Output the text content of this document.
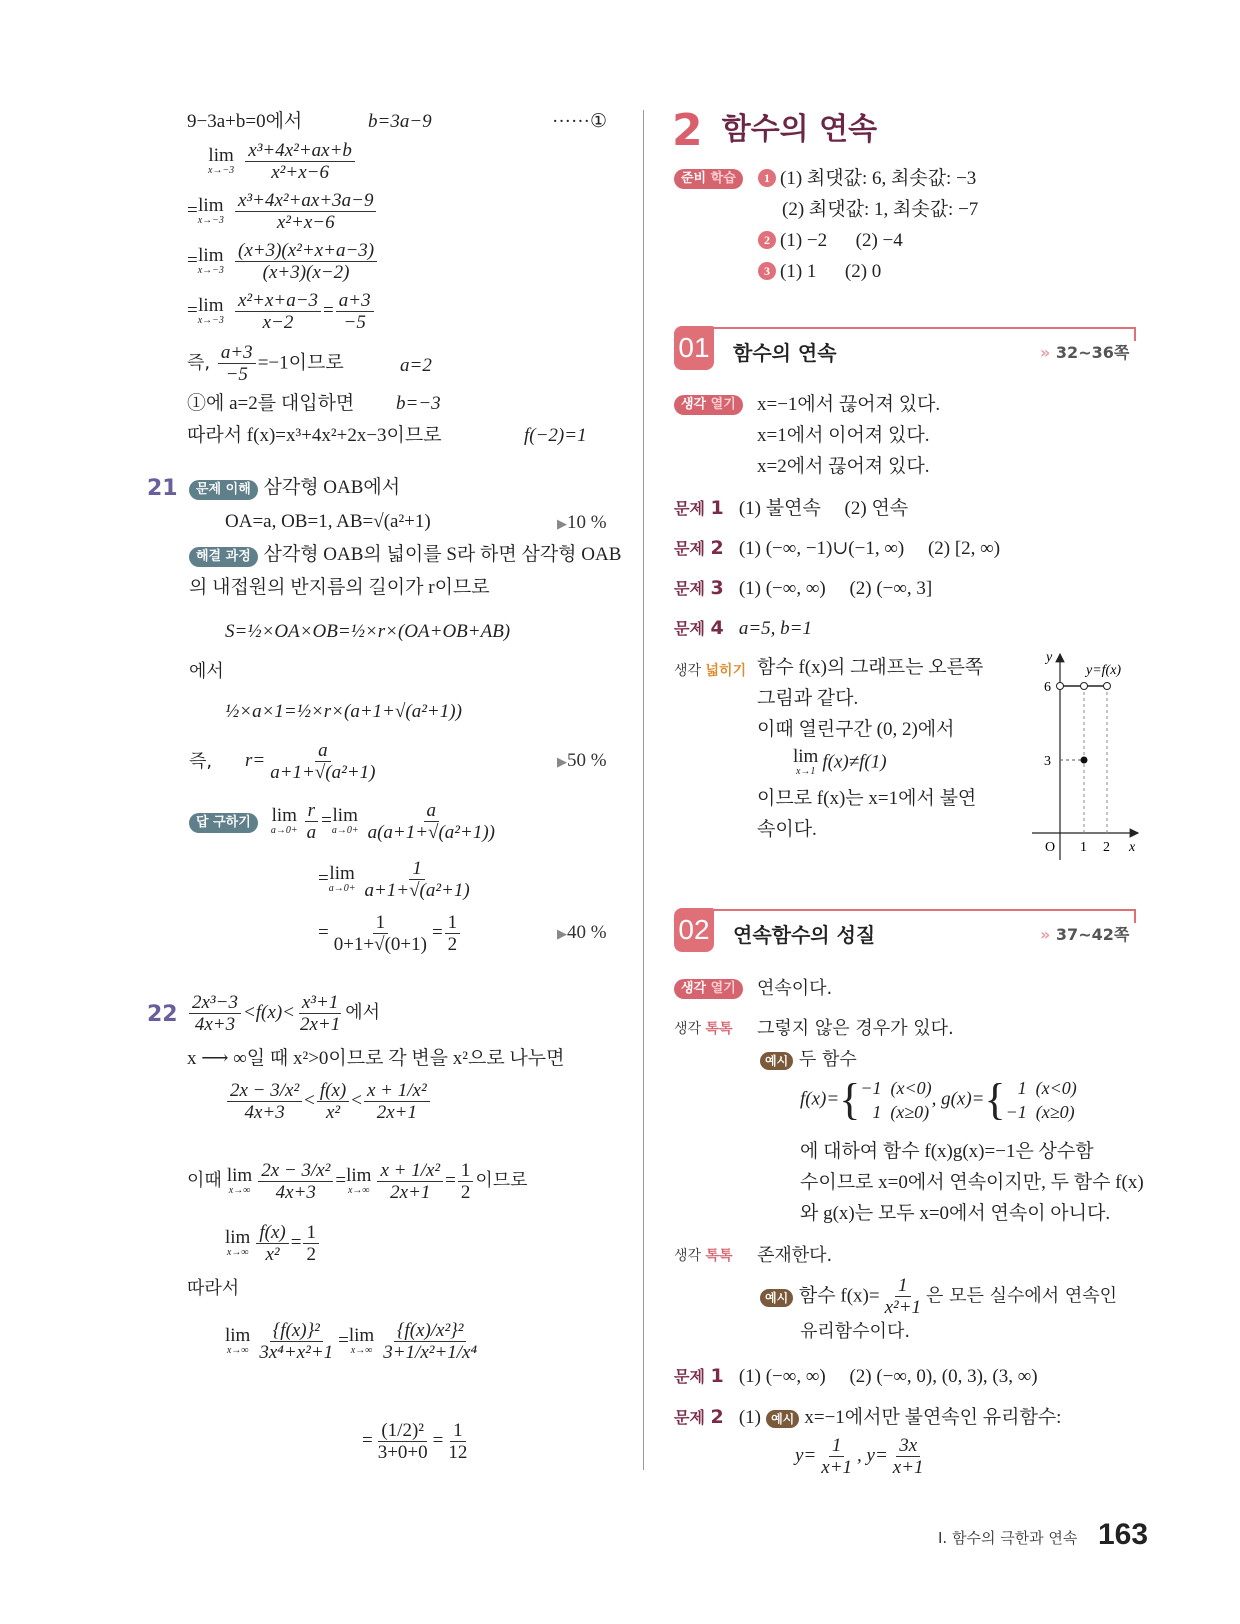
9−3a+b=0에서	b=3a−9	······①
lim
x→−3
$\frac{\text{x³+4x²+ax+b}}{\text{x²+x−6}}$
=lim
x→−3
$\frac{\text{x³+4x²+ax+3a−9}}{\text{x²+x−6}}$
=lim
x→−3
$\frac{\text{(x+3)(x²+x+a−3)}}{(x+3)(x-2)}$
=lim
x→−3
$\frac{\text{x²+x+a−3}}{x-2} = \frac{a+3}{-5}$
즉, $\frac{a+3}{-5} =-1$이므로	a=2
①에 a=2를 대입하면 b=−3
따라서 f(x)=x³+4x²+2x−3이므로	f(−2)=1
21	문제 이해 삼각형 OAB에서
OA=a, OB=1, AB=√(a²+1)	▶10 %
해결 과정 삼각형 OAB의 넓이를 S라 하면 삼각형 OAB
의 내접원의 반지름의 길이가 r이므로
S=½×OA×OB=½×r×(OA+OB+AB)
에서
½×a×1=½×r×(a+1+√(a²+1))
즉, $r= \frac{a}{\text{a+1+√(a²+1)}}$	▶50 %
답 구하기 lim
$a\to 0+ \frac{r}{a} =\lim$
$a\to 0+ \frac{a}{\text{a(a+1+√(a²+1))}}$
=lim
$a\to 0+ \frac{1}{\text{a+1+√(a²+1)}}$
= $\frac{1}{0+1+√(0+1)} = \frac{1}{2}$	▶40 %
$22 \frac{\text{2x³−3}}{4x+3} <f(x)< \frac{\text{x³+1}}{2x+1}$ 에서
x ⟶ ∞일 때 x²>0이므로 각 변을 x²으로 나누면
$\frac{\text{2x − 3/x²}}{4x+3} < \frac{f(x)}{\text{x²}} < \frac{\text{x + 1/x²}}{2x+1}$
이때 lim
$x\to\infty \frac{\text{2x − 3/x²}}{4x+3} =\lim$
$x\to\infty \frac{\text{x + 1/x²}}{2x+1} = \frac{1}{2}$ 이므로
lim
$x\to\infty \frac{f(x)}{\text{x²}} = \frac{1}{2}$
따라서
lim
$x\to\infty \frac{\text{\{f(x)\}²}}{\text{3x⁴+x²+1}} =\lim$
$x\to\infty \frac{\text{\{f(x)/x²\}²}}{\text{3+1/x²+1/x⁴}}$
= $\frac{\text{(1/2)²}}{3+0+0} = \frac{1}{12}$
2 함수의 연속
준비 학습	1 (1) 최댓값: 6, 최솟값: −3
(2) 최댓값: 1, 최솟값: −7
2 (1) −2      (2) −4
3 (1) 1      (2) 0
01 함수의 연속	» 32~36쪽
생각 열기	x=−1에서 끊어져 있다.
x=1에서 이어져 있다.
x=2에서 끊어져 있다.
문제 1 (1) 불연속     (2) 연속
문제 2 (1) (−∞, −1)∪(−1, ∞)     (2) [2, ∞)
문제 3 (1) (−∞, ∞)     (2) (−∞, 3]
문제 4 a=5, b=1
생각 넓히기 함수 f(x)의 그래프는 오른쪽
그림과 같다.
이때 열린구간 (0, 2)에서
lim
x→1 f(x)≠f(1)
이므로 f(x)는 x=1에서 불연
속이다.
y
y=f(x)
6
3
O 1 2 x
02 연속함수의 성질	» 37~42쪽
생각 열기	연속이다.
생각 톡톡 그렇지 않은 경우가 있다.
예시 두 함수
f(x)={ −1  (x<0)
1  (x≥0)
, g(x)={ 1  (x<0)
−1  (x≥0)
에 대하여 함수 f(x)g(x)=−1은 상수함
수이므로 x=0에서 연속이지만, 두 함수 f(x)
와 g(x)는 모두 x=0에서 연속이 아니다.
생각 톡톡 존재한다.
예시 함수 $f(x)= \frac{1}{\text{x²+1}}$ 은 모든 실수에서 연속인
유리함수이다.
문제 1 (1) (−∞, ∞)     (2) (−∞, 0), (0, 3), (3, ∞)
문제 2 (1) 예시 x=−1에서만 불연속인 유리함수:
$y= \frac{1}{x+1}$ , $y= \frac{3x}{x+1}$
Ⅰ. 함수의 극한과 연속 163
